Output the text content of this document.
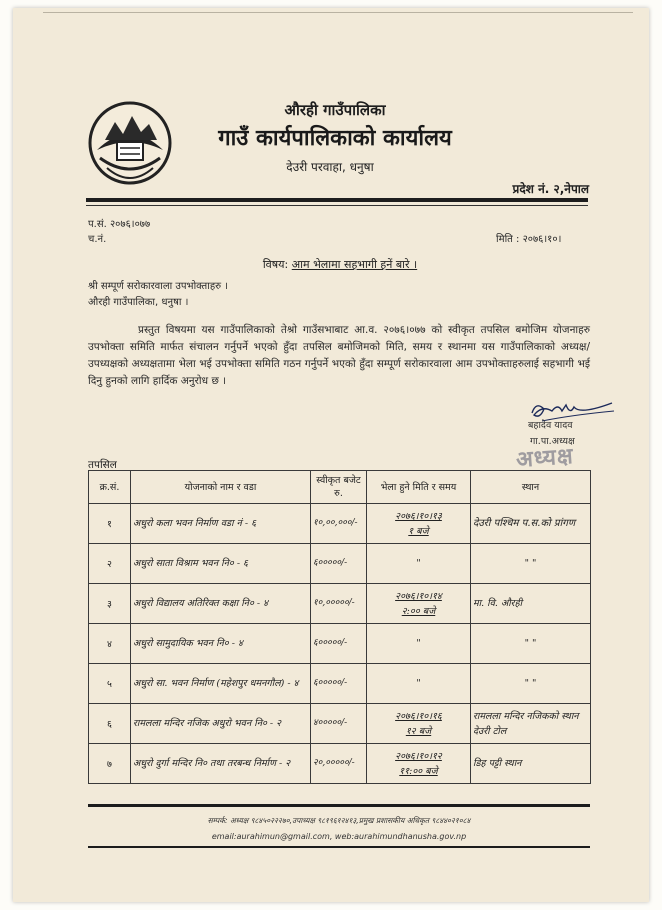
औरही गाउँपालिका
गाउँ कार्यपालिकाको कार्यालय
देउरी परवाहा, धनुषा
प्रदेश नं. २,नेपाल
प.सं. २०७६।०७७
च.नं.	मिति : २०७६।१०।
विषय: आम भेलामा सहभागी हनें बारे ।
श्री सम्पूर्ण सरोकारवाला उपभोक्ताहरु ।
औरही गाउँपालिका, धनुषा ।
प्रस्तुत विषयमा यस गाउँपालिकाको तेश्रो गाउँसभाबाट आ.व. २०७६।०७७ को स्वीकृत तपसिल बमोजिम योजनाहरु उपभोक्ता समिति मार्फत संचालन गर्नुपर्ने भएको हुँदा तपसिल बमोजिमको मिति, समय र स्थानमा यस गाउँपालिकाको अध्यक्ष/उपध्यक्षको अध्यक्षतामा भेला भई उपभोक्ता समिति गठन गर्नुपर्ने भएको हुँदा सम्पूर्ण सरोकारवाला आम उपभोक्ताहरुलाई सहभागी भई दिनु हुनको लागि हार्दिक अनुरोध छ ।
बहादेव यादव
गा.पा.अध्यक्ष
अध्यक्ष
तपसिल
क्र.सं.	योजनाको नाम र वडा	स्वीकृत बजेट रु.	भेला हुने मिति र समय	स्थान
१	अधुरो कला भवन निर्माण वडा नं - ६	१०,००,०००/-	२०७६।१०।१३
१ बजे	देउरी पश्चिम प.स.को प्रांगण
२	अधुरो साता विश्राम भवन नि० - ६	६०००००/-	"	" "
३	अधुरो विद्यालय अतिरिक्त कक्षा नि० - ४	१०,०००००/-	२०७६।१०।१४
२:०० बजे	मा. वि. औरही
४	अधुरो सामुदायिक भवन नि० - ४	६०००००/-	"	" "
५	अधुरो सा. भवन निर्माण (महेशपुर धमनगौल) - ४	६०००००/-	"	" "
६	रामलला मन्दिर नजिक अधुरो भवन नि० - २	४०००००/-	२०७६।१०।१६
१२ बजे	रामलला मन्दिर नजिकको स्थान देउरी टोल
७	अधुरो दुर्गा मन्दिर नि० तथा तरबन्ध निर्माण - २	२०,०००००/-	२०७६।१०।१२
११:०० बजे	डिह पट्टी स्थान
सम्पर्क: अध्यक्ष ९८४५०२२२७०,उपाध्यक्ष ९८१९६१२४१३,प्रमुख प्रशासकीय अधिकृत ९८४४०२१०८४
email:aurahimun@gmail.com, web:aurahimundhanusha.gov.np
